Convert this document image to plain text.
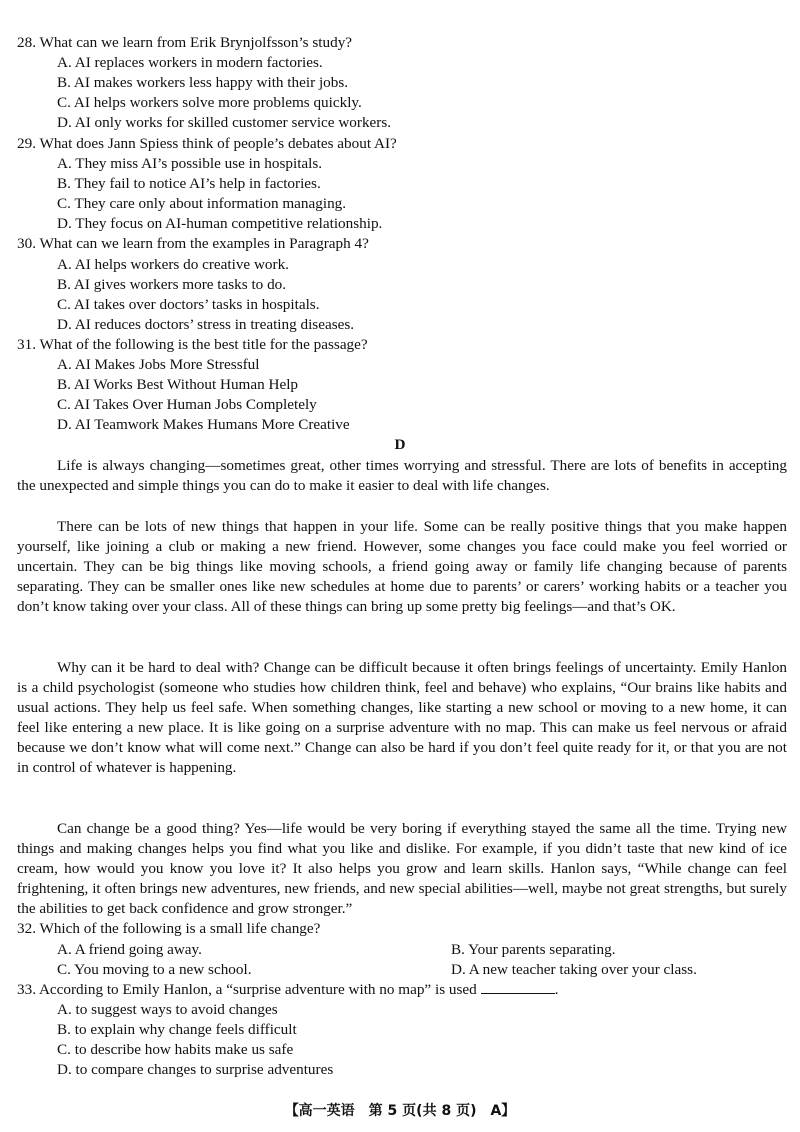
28. What can we learn from Erik Brynjolfsson’s study?
A. AI replaces workers in modern factories.
B. AI makes workers less happy with their jobs.
C. AI helps workers solve more problems quickly.
D. AI only works for skilled customer service workers.
29. What does Jann Spiess think of people’s debates about AI?
A. They miss AI’s possible use in hospitals.
B. They fail to notice AI’s help in factories.
C. They care only about information managing.
D. They focus on AI-human competitive relationship.
30. What can we learn from the examples in Paragraph 4?
A. AI helps workers do creative work.
B. AI gives workers more tasks to do.
C. AI takes over doctors’ tasks in hospitals.
D. AI reduces doctors’ stress in treating diseases.
31. What of the following is the best title for the passage?
A. AI Makes Jobs More Stressful
B. AI Works Best Without Human Help
C. AI Takes Over Human Jobs Completely
D. AI Teamwork Makes Humans More Creative
D
Life is always changing—sometimes great, other times worrying and stressful. There are lots of benefits in accepting the unexpected and simple things you can do to make it easier to deal with life changes.
There can be lots of new things that happen in your life. Some can be really positive things that you make happen yourself, like joining a club or making a new friend. However, some changes you face could make you feel worried or uncertain. They can be big things like moving schools, a friend going away or family life changing because of parents separating. They can be smaller ones like new schedules at home due to parents’ or carers’ working habits or a teacher you don’t know taking over your class. All of these things can bring up some pretty big feelings—and that’s OK.
Why can it be hard to deal with? Change can be difficult because it often brings feelings of uncertainty. Emily Hanlon is a child psychologist (someone who studies how children think, feel and behave) who explains, “Our brains like habits and usual actions. They help us feel safe. When something changes, like starting a new school or moving to a new home, it can feel like entering a new place. It is like going on a surprise adventure with no map. This can make us feel nervous or afraid because we don’t know what will come next.” Change can also be hard if you don’t feel quite ready for it, or that you are not in control of whatever is happening.
Can change be a good thing? Yes—life would be very boring if everything stayed the same all the time. Trying new things and making changes helps you find what you like and dislike. For example, if you didn’t taste that new kind of ice cream, how would you know you love it? It also helps you grow and learn skills. Hanlon says, “While change can feel frightening, it often brings new adventures, new friends, and new special abilities—well, maybe not great strengths, but surely the abilities to get back confidence and grow stronger.”
32. Which of the following is a small life change?
A. A friend going away.	B. Your parents separating.
C. You moving to a new school.	D. A new teacher taking over your class.
33. According to Emily Hanlon, a “surprise adventure with no map” is used	.
A. to suggest ways to avoid changes
B. to explain why change feels difficult
C. to describe how habits make us safe
D. to compare changes to surprise adventures
【高一英语　第 5 页(共 8 页)　A】
